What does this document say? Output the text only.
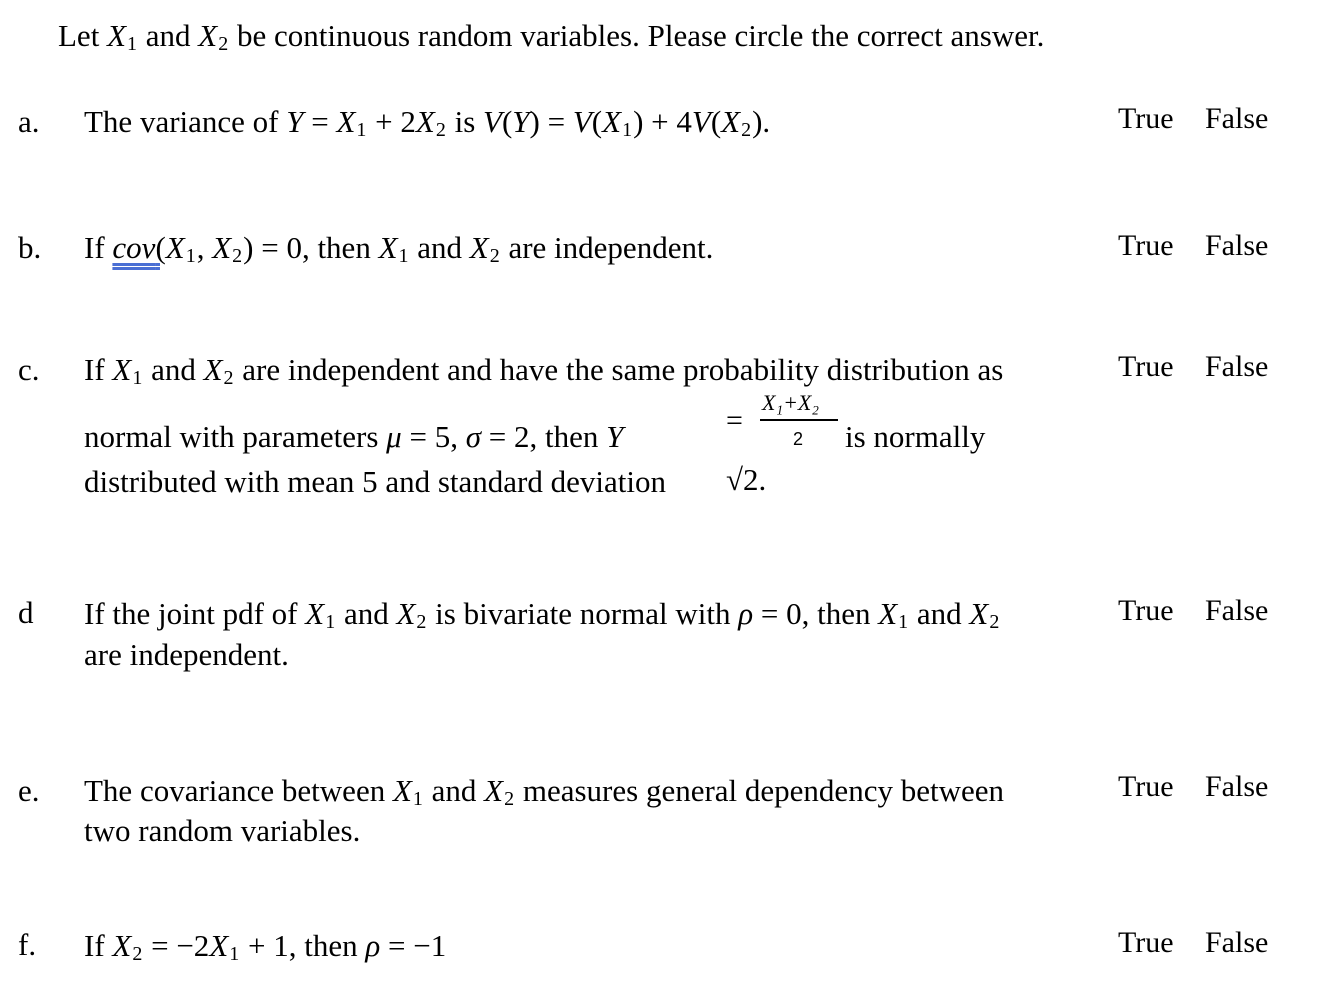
Let $X_1$ and $X_2$ be continuous random variables. Please circle the correct answer.
a. The variance of $Y = X_1 + 2X_2$ is $V(Y) = V(X_1) + 4V(X_2)$.	True False
b. If $cov(X_1$, $X_2) = 0$, then $X_1$ and $X_2$ are independent.	True False
c. If $X_1$ and $X_2$ are independent and have the same probability distribution as
normal with parameters μ = 5, σ = 2, then Y	=
X₁+X₂
2 is normally
distributed with mean 5 and standard deviation √2.
True False
d If the joint pdf of $X_1$ and $X_2$ is bivariate normal with ρ = 0, then $X_1$ and $X_2$
are independent.
True False
e. The covariance between $X_1$ and $X_2$ measures general dependency between
two random variables.
True False
f. If $X_2 = -2X_1 + 1$, then ρ = −1	True False
